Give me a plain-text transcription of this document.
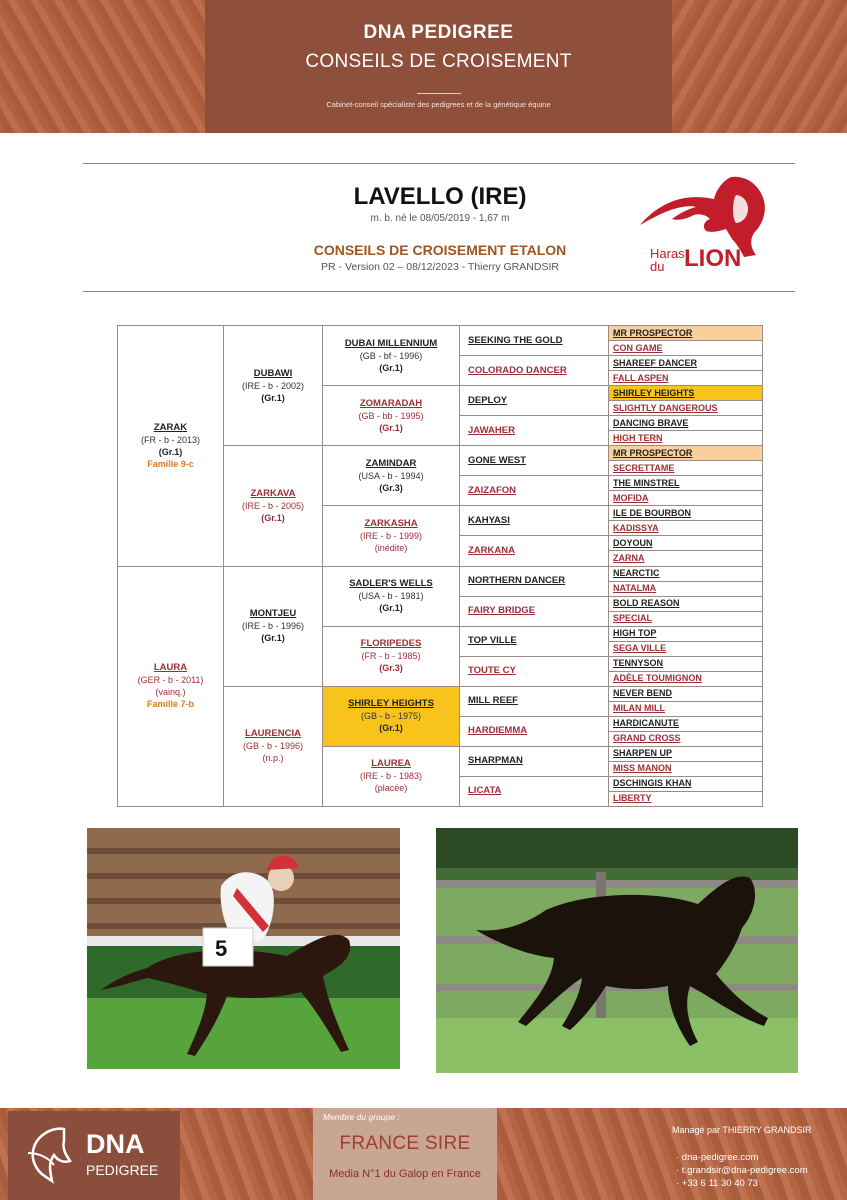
DNA PEDIGREE
CONSEILS DE CROISEMENT
Cabinet-conseil spécialiste des pedigrees et de la génétique équine
LAVELLO (IRE)
m. b. né le 08/05/2019 - 1,67 m
CONSEILS DE CROISEMENT ETALON
PR - Version 02 – 08/12/2023 - Thierry GRANDSIR
Haras du LION
ZARAK
(FR - b - 2013)
(Gr.1)
Famille 9-c
LAURA
(GER - b - 2011)
(vainq.)
Famille 7-b
DUBAWI
(IRE - b - 2002)
(Gr.1)
ZARKAVA
(IRE - b - 2005)
(Gr.1)
MONTJEU
(IRE - b - 1996)
(Gr.1)
LAURENCIA
(GB - b - 1996)
(n.p.)
DUBAI MILLENNIUM
(GB - bf - 1996)
(Gr.1)
ZOMARADAH
(GB - bb - 1995)
(Gr.1)
ZAMINDAR
(USA - b - 1994)
(Gr.3)
ZARKASHA
(IRE - b - 1999)
(inédite)
SADLER'S WELLS
(USA - b - 1981)
(Gr.1)
FLORIPEDES
(FR - b - 1985)
(Gr.3)
SHIRLEY HEIGHTS
(GB - b - 1975)
(Gr.1)
LAUREA
(IRE - b - 1983)
(placée)
SEEKING THE GOLD
COLORADO DANCER
DEPLOY
JAWAHER
GONE WEST
ZAIZAFON
KAHYASI
ZARKANA
NORTHERN DANCER
FAIRY BRIDGE
TOP VILLE
TOUTE CY
MILL REEF
HARDIEMMA
SHARPMAN
LICATA
MR PROSPECTOR
CON GAME
SHAREEF DANCER
FALL ASPEN
SHIRLEY HEIGHTS
SLIGHTLY DANGEROUS
DANCING BRAVE
HIGH TERN
MR PROSPECTOR
SECRETTAME
THE MINSTREL
MOFIDA
ILE DE BOURBON
KADISSYA
DOYOUN
ZARNA
NEARCTIC
NATALMA
BOLD REASON
SPECIAL
HIGH TOP
SEGA VILLE
TENNYSON
ADÈLE TOUMIGNON
NEVER BEND
MILAN MILL
HARDICANUTE
GRAND CROSS
SHARPEN UP
MISS MANON
DSCHINGIS KHAN
LIBERTY
5
DNA
PEDIGREE
Membre du groupe :
FRANCE SIRE
Media N°1 du Galop en France
Managé par THIERRY GRANDSIR
· dna-pedigree.com
· t.grandsir@dna-pedigree.com
· +33 6 11 30 40 73
